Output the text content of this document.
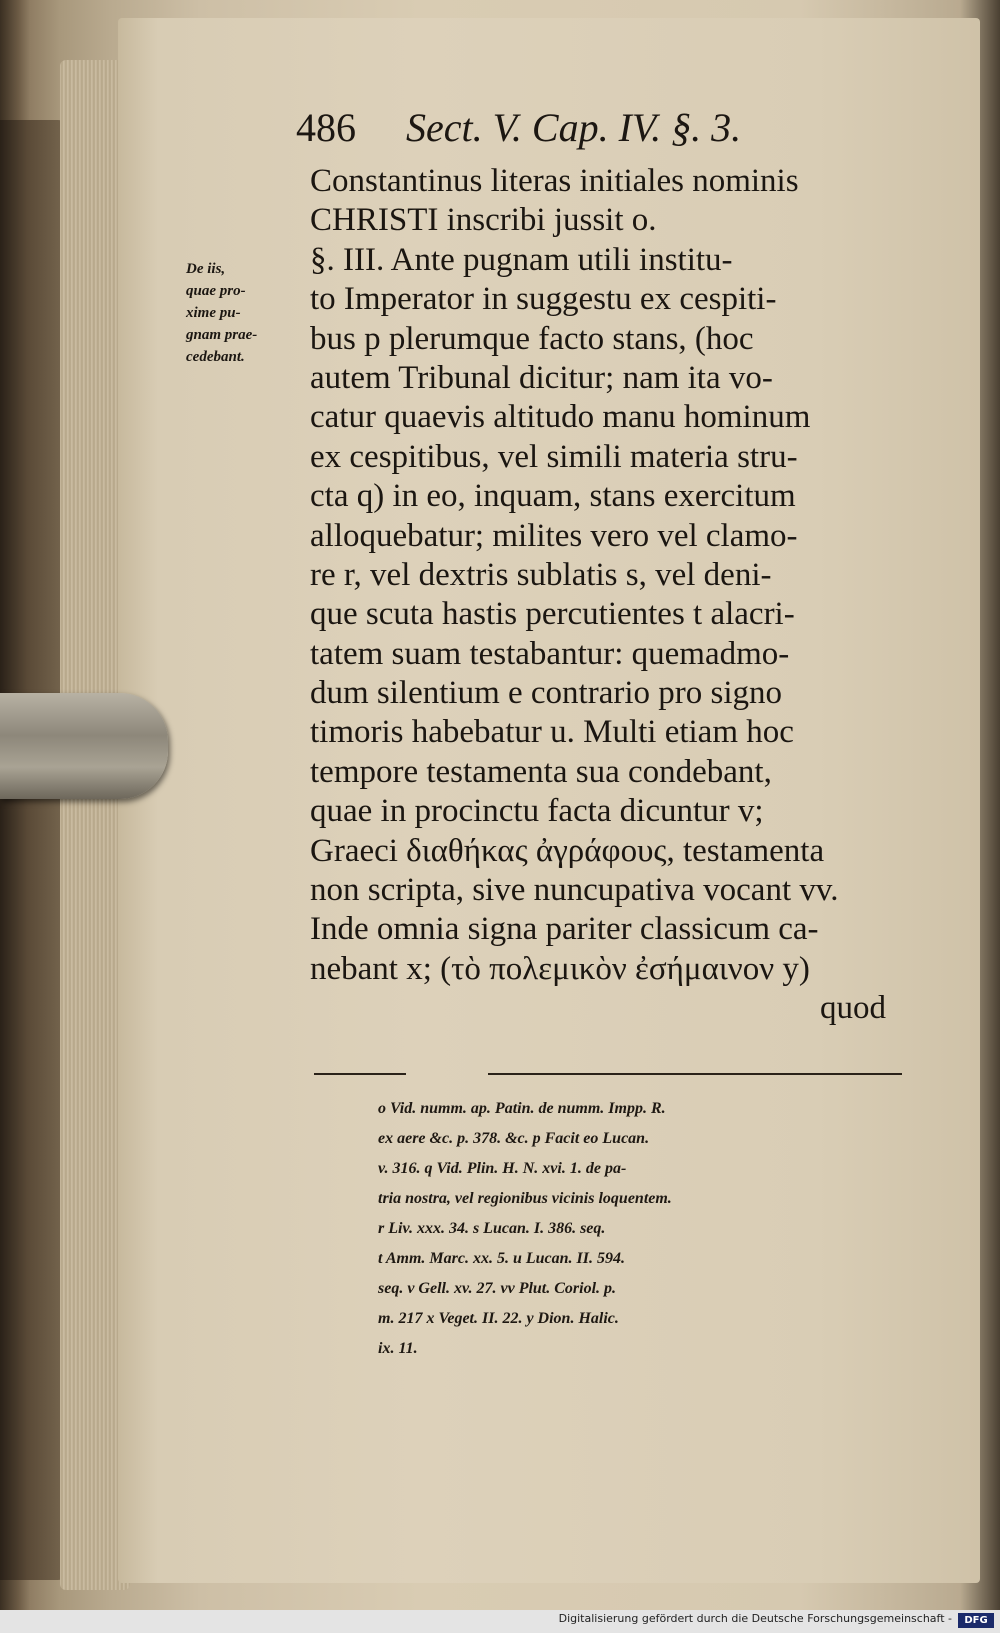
486 Sect. V. Cap. IV. §. 3.
De iis,
quae pro-
xime pu-
gnam prae-
cedebant.
Constantinus literas initiales nominis
CHRISTI inscribi jussit o.
§. III. Ante pugnam utili institu-
to Imperator in suggestu ex cespiti-
bus p plerumque facto stans, (hoc
autem Tribunal dicitur; nam ita vo-
catur quaevis altitudo manu hominum
ex cespitibus, vel simili materia stru-
cta q) in eo, inquam, stans exercitum
alloquebatur; milites vero vel clamo-
re r, vel dextris sublatis s, vel deni-
que scuta hastis percutientes t alacri-
tatem suam testabantur: quemadmo-
dum silentium e contrario pro signo
timoris habebatur u. Multi etiam hoc
tempore testamenta sua condebant,
quae in procinctu facta dicuntur v;
Graeci διαθήκας ἀγράφους, testamenta
non scripta, sive nuncupativa vocant vv.
Inde omnia signa pariter classicum ca-
nebant x; (τὸ πολεμικὸν ἐσήμαινον y)
quod
o Vid. numm. ap. Patin. de numm. Impp. R.
ex aere &c. p. 378. &c. p Facit eo Lucan.
v. 316. q Vid. Plin. H. N. xvi. 1. de pa-
tria nostra, vel regionibus vicinis loquentem.
r Liv. xxx. 34. s Lucan. I. 386. seq.
t Amm. Marc. xx. 5. u Lucan. II. 594.
seq. v Gell. xv. 27. vv Plut. Coriol. p.
m. 217 x Veget. II. 22. y Dion. Halic.
ix. 11.
Digitalisierung gefördert durch die Deutsche Forschungsgemeinschaft -	DFG
